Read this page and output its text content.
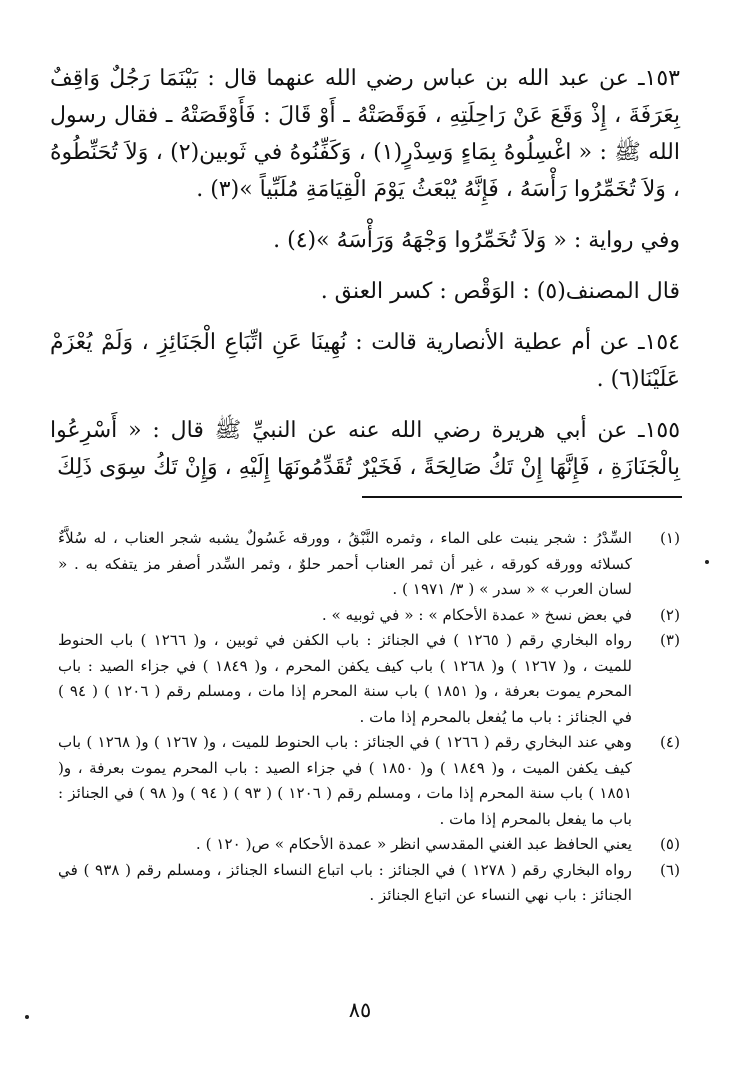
١٥٣ـ عن عبد الله بن عباس رضي الله عنهما قال : بَيْنَمَا رَجُلٌ وَاقِفٌ بِعَرَفَةَ ، إِذْ وَقَعَ عَنْ رَاحِلَتِهِ ، فَوَقَصَتْهُ ـ أَوْ قَالَ : فَأَوْقَصَتْهُ ـ فقال رسول الله ﷺ : « اغْسِلُوهُ بِمَاءٍ وَسِدْرٍ(١) ، وَكَفِّنُوهُ في ثَوبين(٢) ، وَلاَ تُحَنِّطُوهُ ، وَلاَ تُخَمِّرُوا رَأْسَهُ ، فَإِنَّهُ يُبْعَثُ يَوْمَ الْقِيَامَةِ مُلَبِّياً »(٣) .

وفي رواية : « وَلاَ تُخَمِّرُوا وَجْهَهُ وَرَأْسَهُ »(٤) .

قال المصنف(٥) : الوَقْص : كسر العنق .

١٥٤ـ عن أم عطية الأنصارية قالت : نُهِينَا عَنِ اتِّبَاعِ الْجَنَائِزِ ، وَلَمْ يُعْزَمْ عَلَيْنَا(٦) .

١٥٥ـ عن أبي هريرة رضي الله عنه عن النبيِّ ﷺ قال : « أَسْرِعُوا بِالْجَنَازَةِ ، فَإِنَّهَا إِنْ تَكُ صَالِحَةً ، فَخَيْرٌ تُقَدِّمُونَهَا إِلَيْهِ ، وَإِنْ تَكُ سِوَى ذَلِكَ

(١)
السِّدْرُ : شجر ينبت على الماء ، وثمره النَّبْقُ ، وورقه غَسُولٌ يشبه شجر العناب ، له سُلاَّءٌ كسلائه وورقه كورقه ، غير أن ثمر العناب أحمر حلوٌ ، وثمر السِّدر أصفر مز يتفكه به . « لسان العرب » « سدر » ( ٣/ ١٩٧١ ) .
(٢)
في بعض نسخ « عمدة الأحكام » : « في ثوبيه » .
(٣)
رواه البخاري رقم ( ١٢٦٥ ) في الجنائز : باب الكفن في ثوبين ، و( ١٢٦٦ ) باب الحنوط للميت ، و( ١٢٦٧ ) و( ١٢٦٨ ) باب كيف يكفن المحرم ، و( ١٨٤٩ ) في جزاء الصيد : باب المحرم يموت بعرفة ، و( ١٨٥١ ) باب سنة المحرم إذا مات ، ومسلم رقم ( ١٢٠٦ ) ( ٩٤ ) في الجنائز : باب ما يُفعل بالمحرم إذا مات .
(٤)
وهي عند البخاري رقم ( ١٢٦٦ ) في الجنائز : باب الحنوط للميت ، و( ١٢٦٧ ) و( ١٢٦٨ ) باب كيف يكفن الميت ، و( ١٨٤٩ ) و( ١٨٥٠ ) في جزاء الصيد : باب المحرم يموت بعرفة ، و( ١٨٥١ ) باب سنة المحرم إذا مات ، ومسلم رقم ( ١٢٠٦ ) ( ٩٣ ) ( ٩٤ ) و( ٩٨ ) في الجنائز : باب ما يفعل بالمحرم إذا مات .
(٥)
يعني الحافظ عبد الغني المقدسي انظر « عمدة الأحكام » ص( ١٢٠ ) .
(٦)
رواه البخاري رقم ( ١٢٧٨ ) في الجنائز : باب اتباع النساء الجنائز ، ومسلم رقم ( ٩٣٨ ) في الجنائز : باب نهي النساء عن اتباع الجنائز .
٨٥
